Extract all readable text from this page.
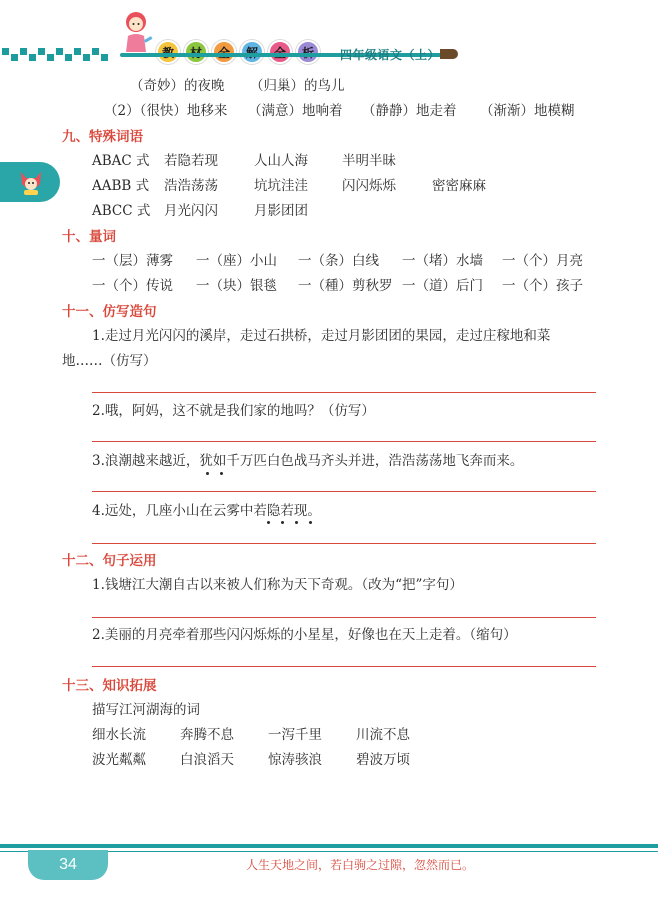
四年级语文（上）
（奇妙）的夜晚 （归巢）的鸟儿
（2）（很快）地移来 （满意）地响着 （静静）地走着 （渐渐）地模糊
九、特殊词语
ABAC 式	若隐若现	人山人海	半明半昧
AABB 式	浩浩荡荡	坑坑洼洼	闪闪烁烁	密密麻麻
ABCC 式	月光闪闪	月影团团
十、量词
一（层）薄雾	一（座）小山	一（条）白线	一（堵）水墙	一（个）月亮
一（个）传说	一（块）银毯	一（種）剪秋罗 一（道）后门	一（个）孩子
十一、仿写造句
1.走过月光闪闪的溪岸，走过石拱桥，走过月影团团的果园，走过庄稼地和菜
地……（仿写）
2.哦，阿妈，这不就是我们家的地吗？（仿写）
3.浪潮越来越近，犹如千万匹白色战马齐头并进，浩浩荡荡地飞奔而来。
4.远处，几座小山在云雾中若隐若现。
十二、句子运用
1.钱塘江大潮自古以来被人们称为天下奇观。（改为“把”字句）
2.美丽的月亮牵着那些闪闪烁烁的小星星，好像也在天上走着。（缩句）
十三、知识拓展
描写江河湖海的词
细水长流	奔腾不息	一泻千里	川流不息
波光粼粼	白浪滔天	惊涛骇浪	碧波万顷
34	人生天地之间，若白驹之过隙，忽然而已。
